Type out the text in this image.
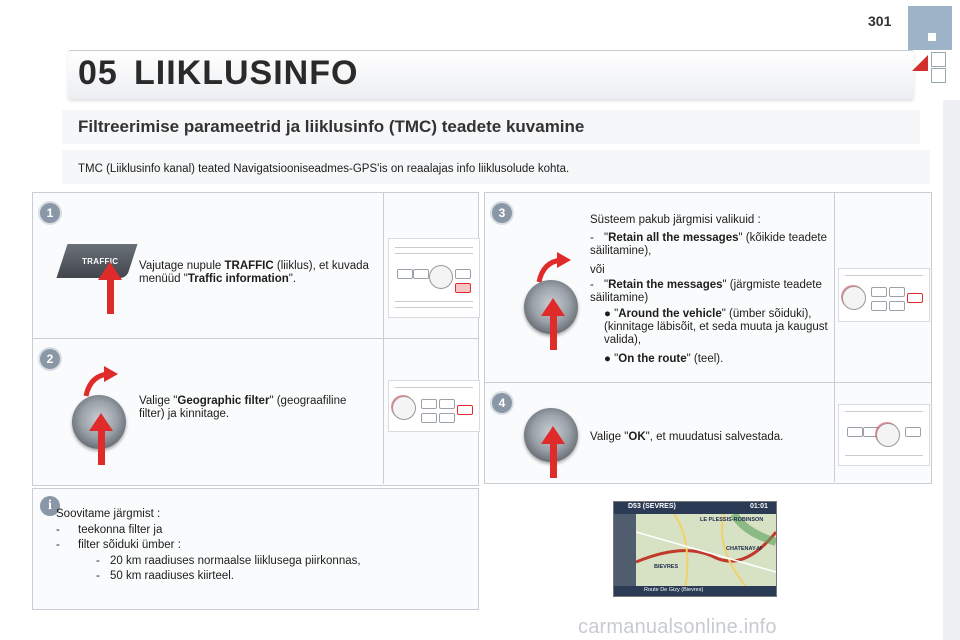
301
05 LIIKLUSINFO
Filtreerimise parameetrid ja liiklusinfo (TMC) teadete kuvamine
TMC (Liiklusinfo kanal) teated Navigatsiooniseadmes-GPS'is on reaalajas info liiklusolude kohta.
1
TRAFFIC Vajutage nupule TRAFFIC (liiklus), et kuvada menüüd "Traffic information".
2
Valige "Geographic filter" (geograafiline filter) ja kinnitage.
3	Süsteem pakub järgmisi valikuid :
- "Retain all the messages" (kõikide teadete säilitamine),
või
- "Retain the messages" (järgmiste teadete säilitamine)
● "Around the vehicle" (ümber sõiduki), (kinnitage läbisõit, et seda muuta ja kaugust valida),
● "On the route" (teel).
4
Valige "OK", et muudatusi salvestada.
i
Soovitame järgmist :
- teekonna filter ja
- filter sõiduki ümber :
- 20 km raadiuses normaalse liiklusega piirkonnas,
- 50 km raadiuses kiirteel.
D53 (SEVRES)	01:01
LE PLESSIS-ROBINSON
CHATENAY-M
BIEVRES
Route De Gizy (Bievres)
carmanualsonline.info
